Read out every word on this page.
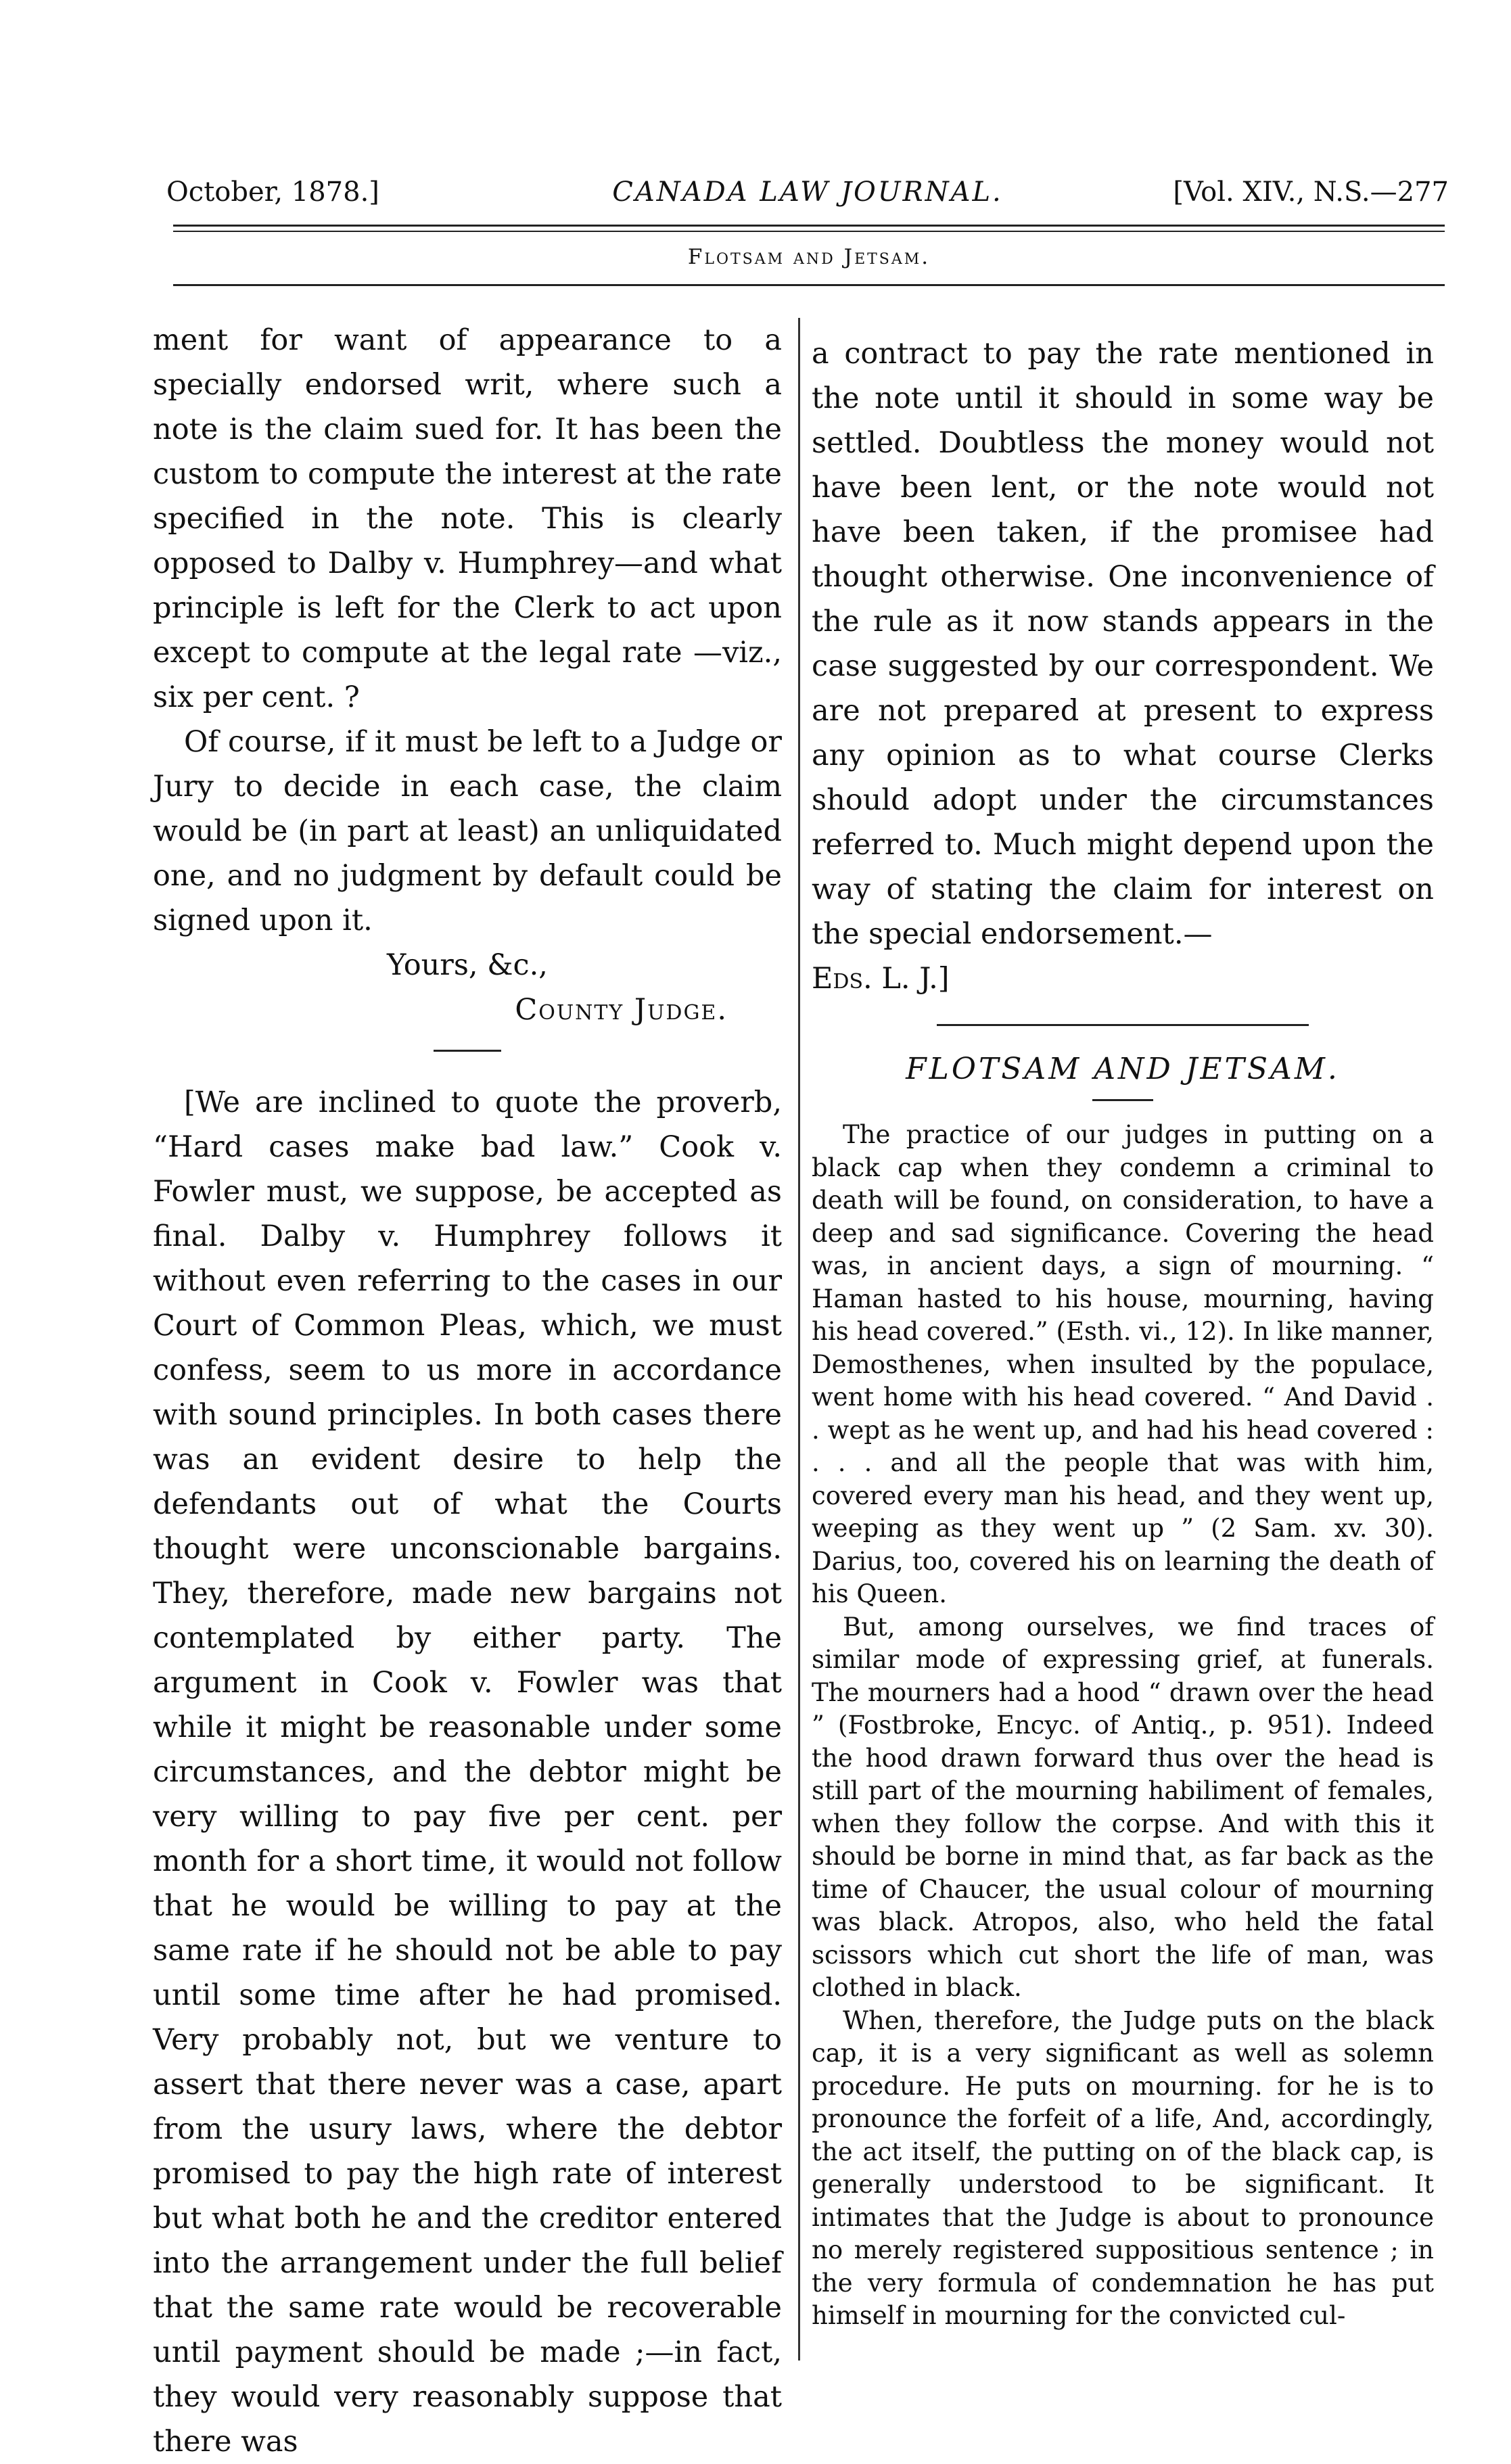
October, 1878.]	CANADA LAW JOURNAL.	[Vol. XIV., N.S.—277
Flotsam and Jetsam.

ment for want of appearance to a specially endorsed writ, where such a note is the claim sued for. It has been the custom to compute the interest at the rate specified in the note. This is clearly opposed to Dalby v. Humphrey—and what principle is left for the Clerk to act upon except to compute at the legal rate —viz., six per cent. ?

Of course, if it must be left to a Judge or Jury to decide in each case, the claim would be (in part at least) an unliquidated one, and no judgment by default could be signed upon it.

Yours, &c.,

County Judge.

[We are inclined to quote the proverb, “Hard cases make bad law.” Cook v. Fowler must, we suppose, be accepted as final. Dalby v. Humphrey follows it without even referring to the cases in our Court of Common Pleas, which, we must confess, seem to us more in accordance with sound principles. In both cases there was an evident desire to help the defendants out of what the Courts thought were unconscionable bargains. They, therefore, made new bargains not contemplated by either party. The argument in Cook v. Fowler was that while it might be reasonable under some circumstances, and the debtor might be very willing to pay five per cent. per month for a short time, it would not follow that he would be willing to pay at the same rate if he should not be able to pay until some time after he had promised. Very probably not, but we venture to assert that there never was a case, apart from the usury laws, where the debtor promised to pay the high rate of interest but what both he and the creditor entered into the arrangement under the full belief that the same rate would be recoverable until payment should be made ;—in fact, they would very reasonably suppose that there was

a contract to pay the rate mentioned in the note until it should in some way be settled. Doubtless the money would not have been lent, or the note would not have been taken, if the promisee had thought otherwise. One inconvenience of the rule as it now stands appears in the case suggested by our correspondent. We are not prepared at present to express any opinion as to what course Clerks should adopt under the circumstances referred to. Much might depend upon the way of stating the claim for interest on the special endorsement.—

Eds. L. J.]

FLOTSAM AND JETSAM.

The practice of our judges in putting on a black cap when they condemn a criminal to death will be found, on consideration, to have a deep and sad significance. Covering the head was, in ancient days, a sign of mourning. “ Haman hasted to his house, mourning, having his head covered.” (Esth. vi., 12). In like manner, Demosthenes, when insulted by the populace, went home with his head covered. “ And David . . wept as he went up, and had his head covered : . . . and all the people that was with him, covered every man his head, and they went up, weeping as they went up ” (2 Sam. xv. 30). Darius, too, covered his on learning the death of his Queen.

But, among ourselves, we find traces of similar mode of expressing grief, at funerals. The mourners had a hood “ drawn over the head ” (Fostbroke, Encyc. of Antiq., p. 951). Indeed the hood drawn forward thus over the head is still part of the mourning habiliment of females, when they follow the corpse. And with this it should be borne in mind that, as far back as the time of Chaucer, the usual colour of mourning was black. Atropos, also, who held the fatal scissors which cut short the life of man, was clothed in black.

When, therefore, the Judge puts on the black cap, it is a very significant as well as solemn procedure. He puts on mourning. for he is to pronounce the forfeit of a life, And, accordingly, the act itself, the putting on of the black cap, is generally understood to be significant. It intimates that the Judge is about to pronounce no merely registered suppositious sentence ; in the very formula of condemnation he has put himself in mourning for the convicted cul-
